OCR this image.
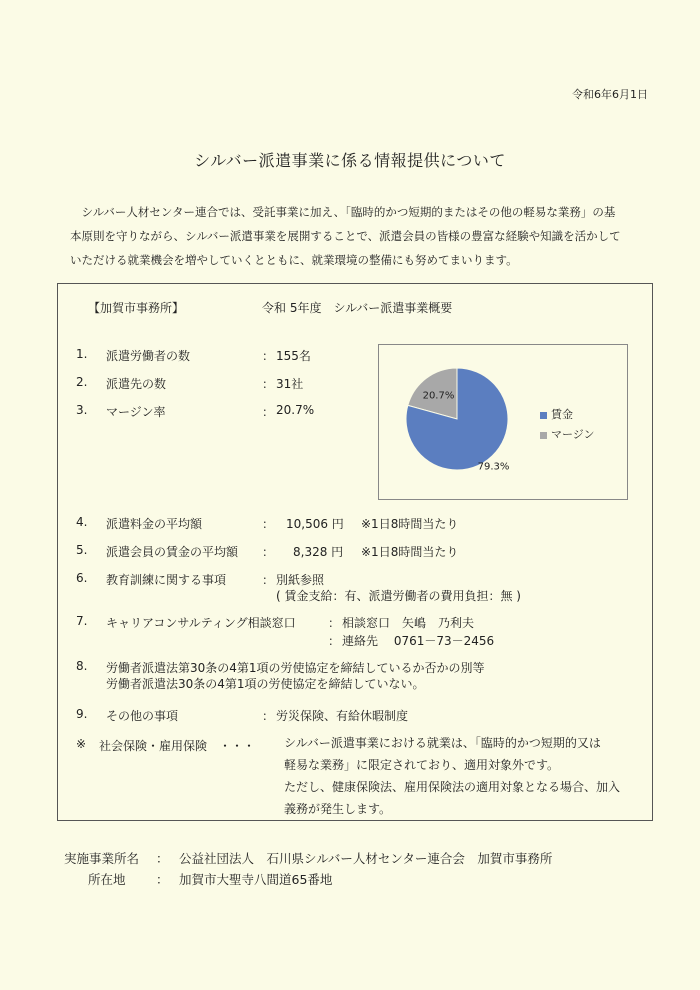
令和6年6月1日
シルバー派遣事業に係る情報提供について

シルバー人材センター連合では、受託事業に加え、「臨時的かつ短期的またはその他の軽易な業務」の基

本原則を守りながら、シルバー派遣事業を展開することで、派遣会員の皆様の豊富な経験や知識を活かして

いただける就業機会を増やしていくとともに、就業環境の整備にも努めてまいります。

【加賀市事務所】	令和 5年度　シルバー派遣事業概要
1. 派遣労働者の数	： 155名
2. 派遣先の数	： 31社
3. マージン率	： 20.7%
20.7%
79.3%
賃金
マージン
4. 派遣料金の平均額	： 10,506 円 ※1日8時間当たり
5. 派遣会員の賃金の平均額 ： 8,328 円 ※1日8時間当たり
6. 教育訓練に関する事項	： 別紙参照
( 賃金支給：有、派遣労働者の費用負担：無 )
7. キャリアコンサルティング相談窓口	： 相談窓口　矢嶋　乃利夫
： 連絡先　 0761－73－2456
8. 労働者派遣法第30条の4第1項の労使協定を締結しているか否かの別等
労働者派遣法30条の4第1項の労使協定を締結していない。
9. その他の事項	： 労災保険、有給休暇制度
※ 社会保険・雇用保険　・・・ シルバー派遣事業における就業は、「臨時的かつ短期的又は

軽易な業務」に限定されており、適用対象外です。

ただし、健康保険法、雇用保険法の適用対象となる場合、加入

義務が発生します。

実施事業所名 ： 公益社団法人　石川県シルバー人材センター連合会　加賀市事務所
所在地 ： 加賀市大聖寺八間道65番地
